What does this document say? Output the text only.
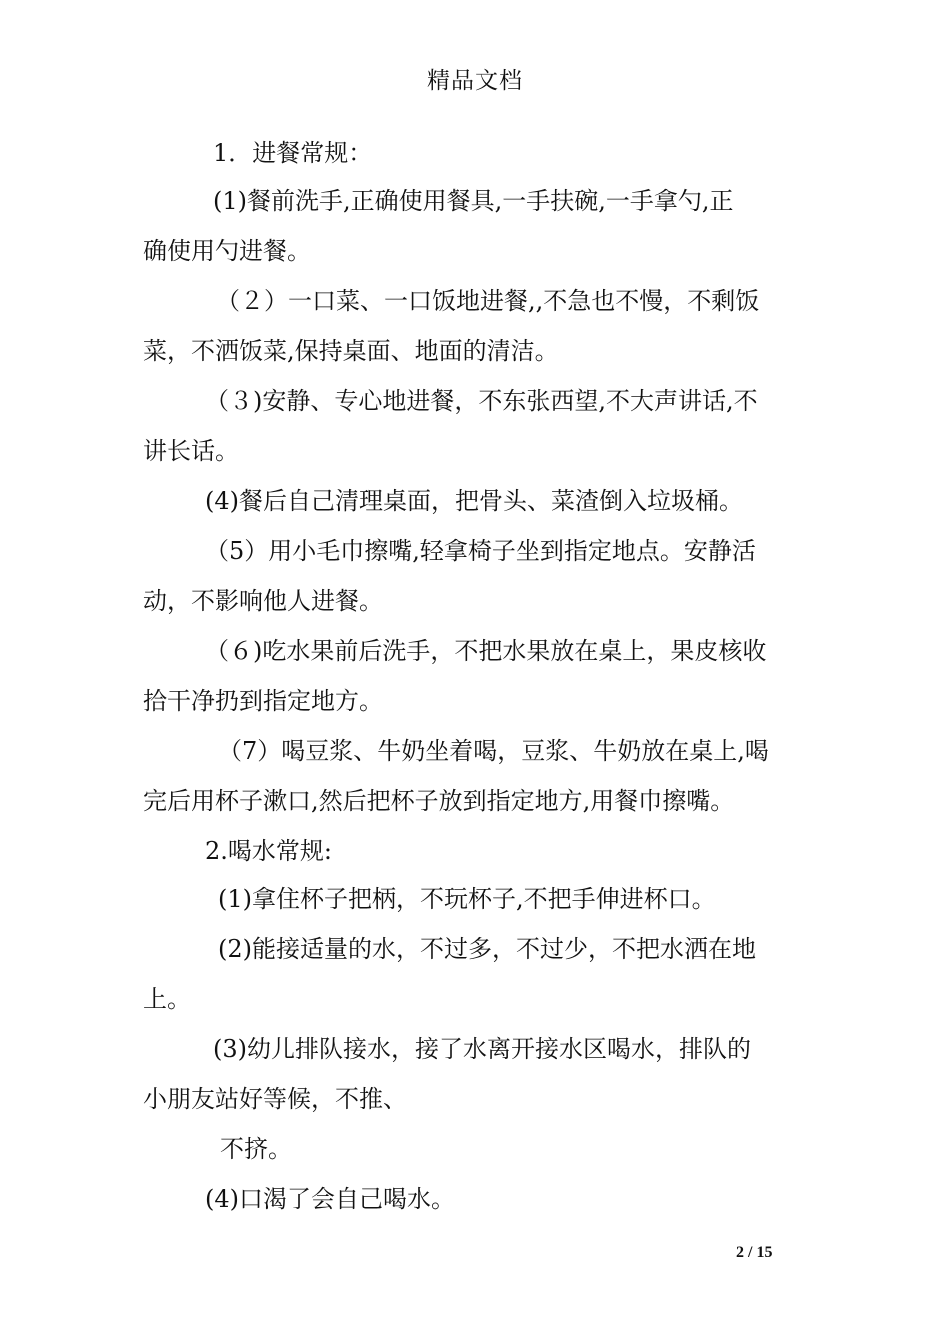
精品文档
1．进餐常规：
(1)餐前洗手,正确使用餐具,一手扶碗,一手拿勺,正
确使用勺进餐。
（２）一口菜、一口饭地进餐,,不急也不慢，不剩饭
菜，不洒饭菜,保持桌面、地面的清洁。
（３)安静、专心地进餐，不东张西望,不大声讲话,不
讲长话。
(4)餐后自己清理桌面，把骨头、菜渣倒入垃圾桶。
（5）用小毛巾擦嘴,轻拿椅子坐到指定地点。安静活
动，不影响他人进餐。
（６)吃水果前后洗手，不把水果放在桌上，果皮核收
拾干净扔到指定地方。
（7）喝豆浆、牛奶坐着喝，豆浆、牛奶放在桌上,喝
完后用杯子漱口,然后把杯子放到指定地方,用餐巾擦嘴。
2.喝水常规:
(1)拿住杯子把柄，不玩杯子,不把手伸进杯口。
(2)能接适量的水，不过多，不过少，不把水洒在地
上。
(3)幼儿排队接水，接了水离开接水区喝水，排队的
小朋友站好等候，不推、
不挤。
(4)口渴了会自己喝水。
2 / 15
